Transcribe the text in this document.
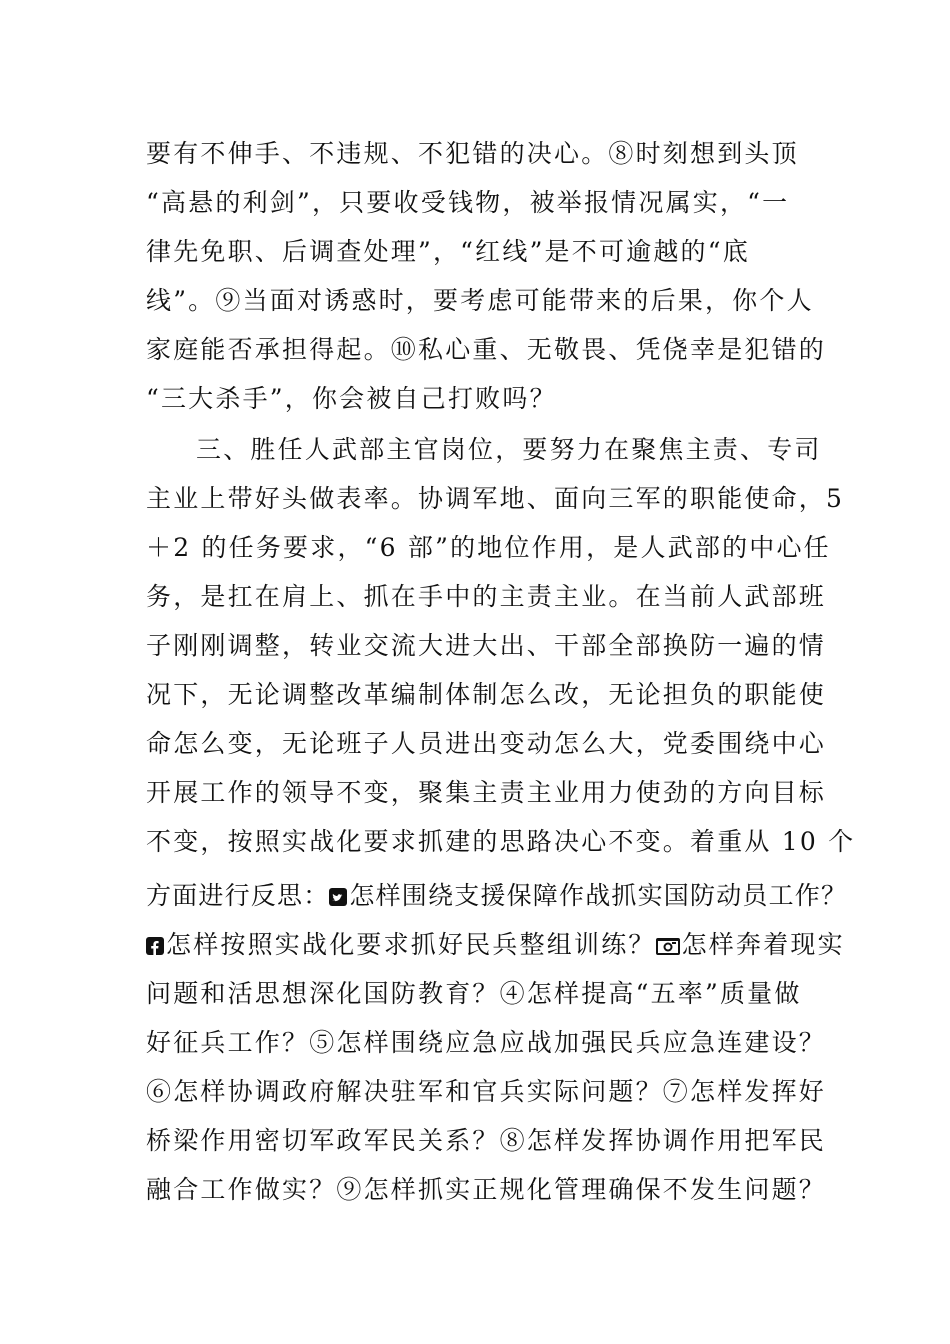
要有不伸手、不违规、不犯错的决心。⑧时刻想到头顶
“高悬的利剑”，只要收受钱物，被举报情况属实，“一
律先免职、后调查处理”，“红线”是不可逾越的“底
线”。⑨当面对诱惑时，要考虑可能带来的后果，你个人
家庭能否承担得起。⑩私心重、无敬畏、凭侥幸是犯错的
“三大杀手”，你会被自己打败吗？
三、胜任人武部主官岗位，要努力在聚焦主责、专司
主业上带好头做表率。协调军地、面向三军的职能使命，5
＋2 的任务要求，“6 部”的地位作用，是人武部的中心任
务，是扛在肩上、抓在手中的主责主业。在当前人武部班
子刚刚调整，转业交流大进大出、干部全部换防一遍的情
况下，无论调整改革编制体制怎么改，无论担负的职能使
命怎么变，无论班子人员进出变动怎么大，党委围绕中心
开展工作的领导不变，聚集主责主业用力使劲的方向目标
不变，按照实战化要求抓建的思路决心不变。着重从 10 个
方面进行反思： 怎样围绕支援保障作战抓实国防动员工作？
怎样按照实战化要求抓好民兵整组训练？ 怎样奔着现实
问题和活思想深化国防教育？④怎样提高“五率”质量做
好征兵工作？⑤怎样围绕应急应战加强民兵应急连建设？
⑥怎样协调政府解决驻军和官兵实际问题？⑦怎样发挥好
桥梁作用密切军政军民关系？⑧怎样发挥协调作用把军民
融合工作做实？⑨怎样抓实正规化管理确保不发生问题？
